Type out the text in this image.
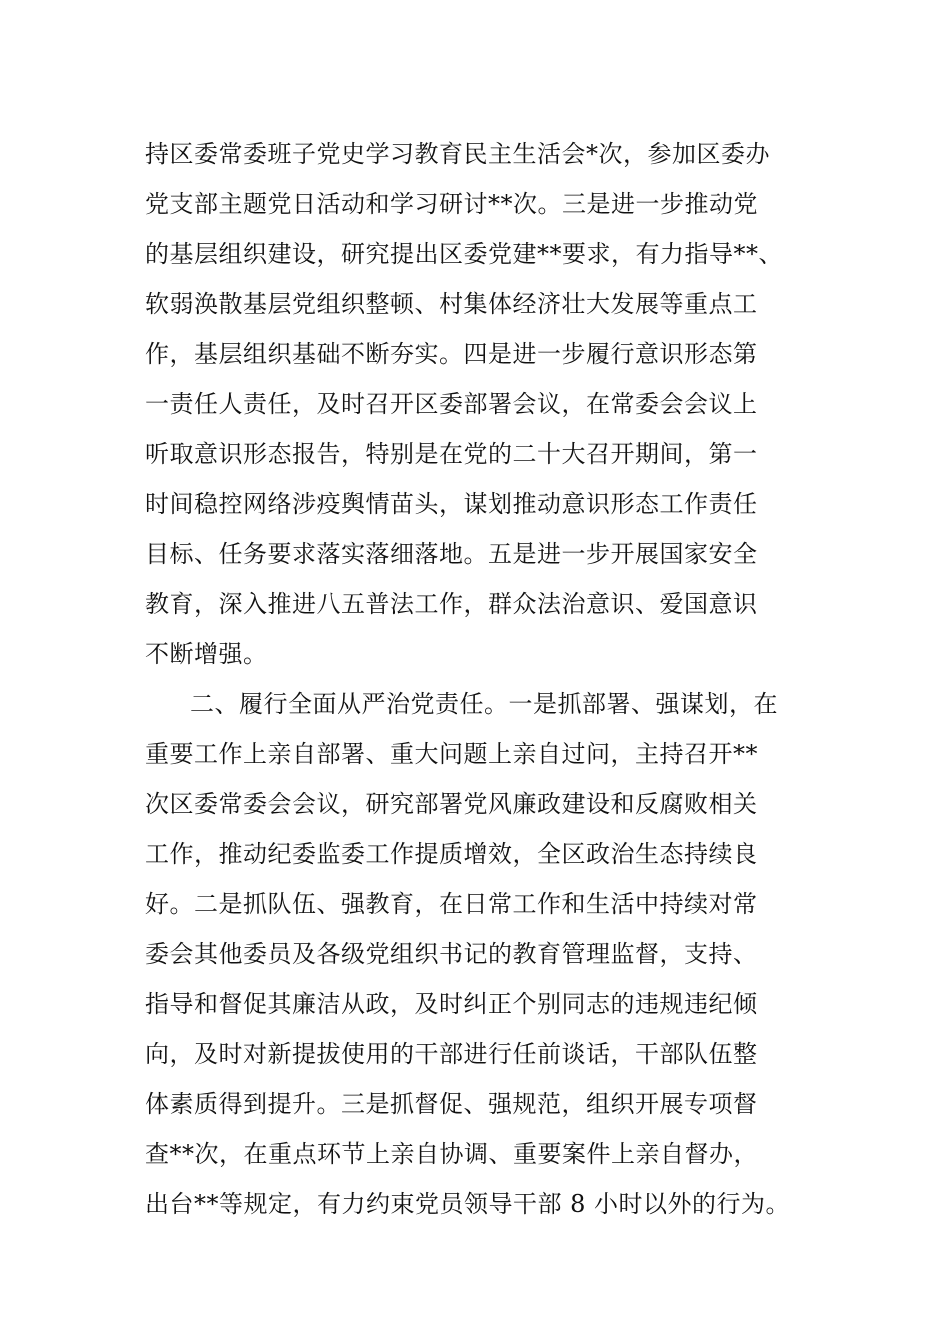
持区委常委班子党史学习教育民主生活会*次，参加区委办
党支部主题党日活动和学习研讨**次。三是进一步推动党
的基层组织建设，研究提出区委党建**要求，有力指导**、
软弱涣散基层党组织整顿、村集体经济壮大发展等重点工
作，基层组织基础不断夯实。四是进一步履行意识形态第
一责任人责任，及时召开区委部署会议，在常委会会议上
听取意识形态报告，特别是在党的二十大召开期间，第一
时间稳控网络涉疫舆情苗头，谋划推动意识形态工作责任
目标、任务要求落实落细落地。五是进一步开展国家安全
教育，深入推进八五普法工作，群众法治意识、爱国意识
不断增强。
二、履行全面从严治党责任。一是抓部署、强谋划，在
重要工作上亲自部署、重大问题上亲自过问，主持召开**
次区委常委会会议，研究部署党风廉政建设和反腐败相关
工作，推动纪委监委工作提质增效，全区政治生态持续良
好。二是抓队伍、强教育，在日常工作和生活中持续对常
委会其他委员及各级党组织书记的教育管理监督，支持、
指导和督促其廉洁从政，及时纠正个别同志的违规违纪倾
向，及时对新提拔使用的干部进行任前谈话，干部队伍整
体素质得到提升。三是抓督促、强规范，组织开展专项督
查**次，在重点环节上亲自协调、重要案件上亲自督办，
出台**等规定，有力约束党员领导干部 8 小时以外的行为。
